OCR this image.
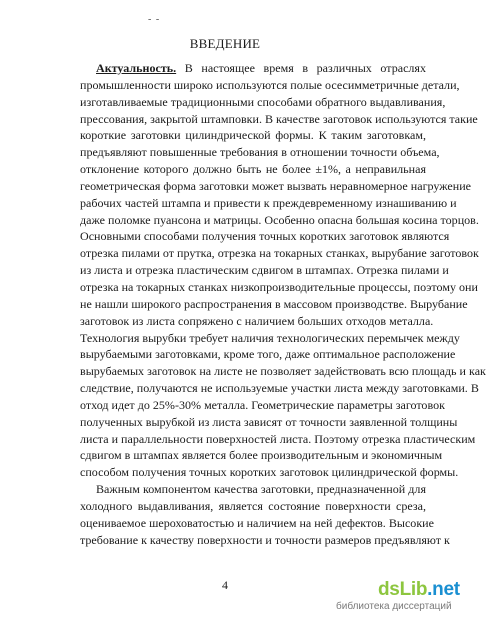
- -
ВВЕДЕНИЕ
Актуальность. В настоящее время в различных отраслях
промышленности широко используются полые осесимметричные детали,
изготавливаемые традиционными способами обратного выдавливания,
прессования, закрытой штамповки. В качестве заготовок используются такие
короткие заготовки цилиндрической формы. К таким заготовкам,
предъявляют повышенные требования в отношении точности объема,
отклонение которого должно быть не более ±1%, а неправильная
геометрическая форма заготовки может вызвать неравномерное нагружение
рабочих частей штампа и привести к преждевременному изнашиванию и
даже поломке пуансона и матрицы. Особенно опасна большая косина торцов.
Основными способами получения точных коротких заготовок являются
отрезка пилами от прутка, отрезка на токарных станках, вырубание заготовок
из листа и отрезка пластическим сдвигом в штампах. Отрезка пилами и
отрезка на токарных станках низкопроизводительные процессы, поэтому они
не нашли широкого распространения в массовом производстве. Вырубание
заготовок из листа сопряжено с наличием больших отходов металла.
Технология вырубки требует наличия технологических перемычек между
вырубаемыми заготовками, кроме того, даже оптимальное расположение
вырубаемых заготовок на листе не позволяет задействовать всю площадь и как
следствие, получаются не используемые участки листа между заготовками. В
отход идет до 25%-30% металла. Геометрические параметры заготовок
полученных вырубкой из листа зависят от точности заявленной толщины
листа и параллельности поверхностей листа. Поэтому отрезка пластическим
сдвигом в штампах является более производительным и экономичным
способом получения точных коротких заготовок цилиндрической формы.
Важным компонентом качества заготовки, предназначенной для
холодного выдавливания, является состояние поверхности среза,
оцениваемое шероховатостью и наличием на ней дефектов. Высокие
требование к качеству поверхности и точности размеров предъявляют к
4	dsLib.net
библиотека диссертаций
